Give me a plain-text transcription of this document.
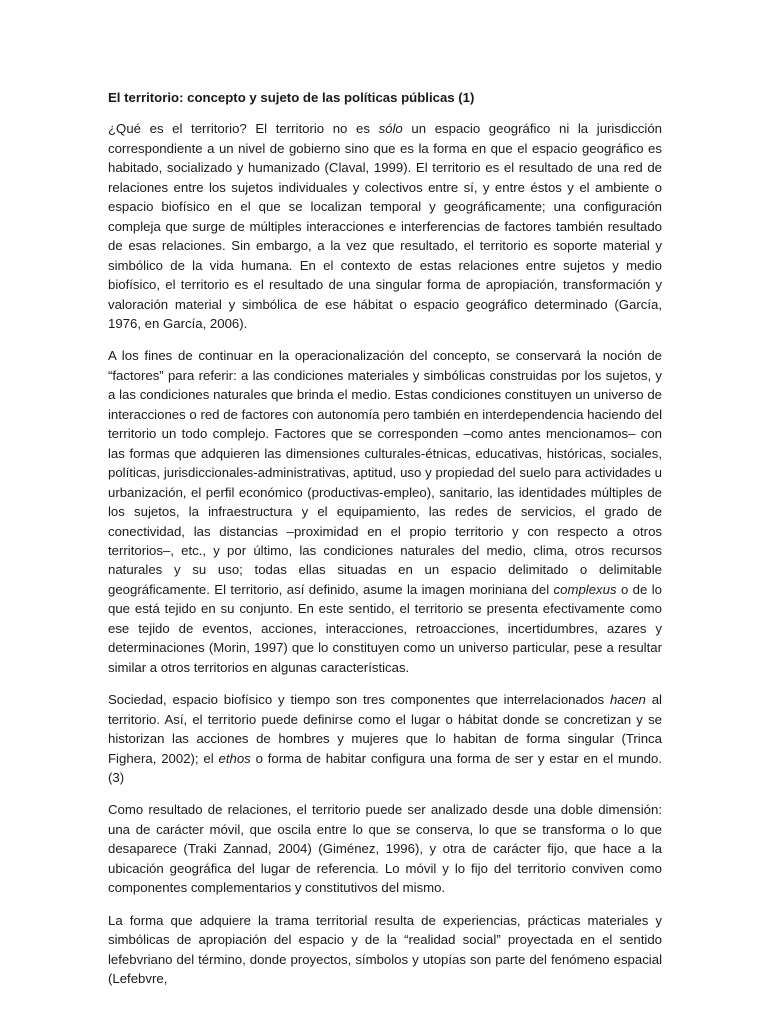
El territorio: concepto y sujeto de las políticas públicas (1)

¿Qué es el territorio? El territorio no es sólo un espacio geográfico ni la jurisdicción correspondiente a un nivel de gobierno sino que es la forma en que el espacio geográfico es habitado, socializado y humanizado (Claval, 1999). El territorio es el resultado de una red de relaciones entre los sujetos individuales y colectivos entre sí, y entre éstos y el ambiente o espacio biofísico en el que se localizan temporal y geográficamente; una configuración compleja que surge de múltiples interacciones e interferencias de factores también resultado de esas relaciones. Sin embargo, a la vez que resultado, el territorio es soporte material y simbólico de la vida humana. En el contexto de estas relaciones entre sujetos y medio biofísico, el territorio es el resultado de una singular forma de apropiación, transformación y valoración material y simbólica de ese hábitat o espacio geográfico determinado (García, 1976, en García, 2006).

A los fines de continuar en la operacionalización del concepto, se conservará la noción de “factores” para referir: a las condiciones materiales y simbólicas construidas por los sujetos, y a las condiciones naturales que brinda el medio. Estas condiciones constituyen un universo de interacciones o red de factores con autonomía pero también en interdependencia haciendo del territorio un todo complejo. Factores que se corresponden –como antes mencionamos– con las formas que adquieren las dimensiones culturales-étnicas, educativas, históricas, sociales, políticas, jurisdiccionales-administrativas, aptitud, uso y propiedad del suelo para actividades u urbanización, el perfil económico (productivas-empleo), sanitario, las identidades múltiples de los sujetos, la infraestructura y el equipamiento, las redes de servicios, el grado de conectividad, las distancias –proximidad en el propio territorio y con respecto a otros territorios–, etc., y por último, las condiciones naturales del medio, clima, otros recursos naturales y su uso; todas ellas situadas en un espacio delimitado o delimitable geográficamente. El territorio, así definido, asume la imagen moriniana del complexus o de lo que está tejido en su conjunto. En este sentido, el territorio se presenta efectivamente como ese tejido de eventos, acciones, interacciones, retroacciones, incertidumbres, azares y determinaciones (Morin, 1997) que lo constituyen como un universo particular, pese a resultar similar a otros territorios en algunas características.

Sociedad, espacio biofísico y tiempo son tres componentes que interrelacionados hacen al territorio. Así, el territorio puede definirse como el lugar o hábitat donde se concretizan y se historizan las acciones de hombres y mujeres que lo habitan de forma singular (Trinca Fighera, 2002); el ethos o forma de habitar configura una forma de ser y estar en el mundo. (3)

Como resultado de relaciones, el territorio puede ser analizado desde una doble dimensión: una de carácter móvil, que oscila entre lo que se conserva, lo que se transforma o lo que desaparece (Traki Zannad, 2004) (Giménez, 1996), y otra de carácter fijo, que hace a la ubicación geográfica del lugar de referencia. Lo móvil y lo fijo del territorio conviven como componentes complementarios y constitutivos del mismo.

La forma que adquiere la trama territorial resulta de experiencias, prácticas materiales y simbólicas de apropiación del espacio y de la “realidad social” proyectada en el sentido lefebvriano del término, donde proyectos, símbolos y utopías son parte del fenómeno espacial (Lefebvre,
